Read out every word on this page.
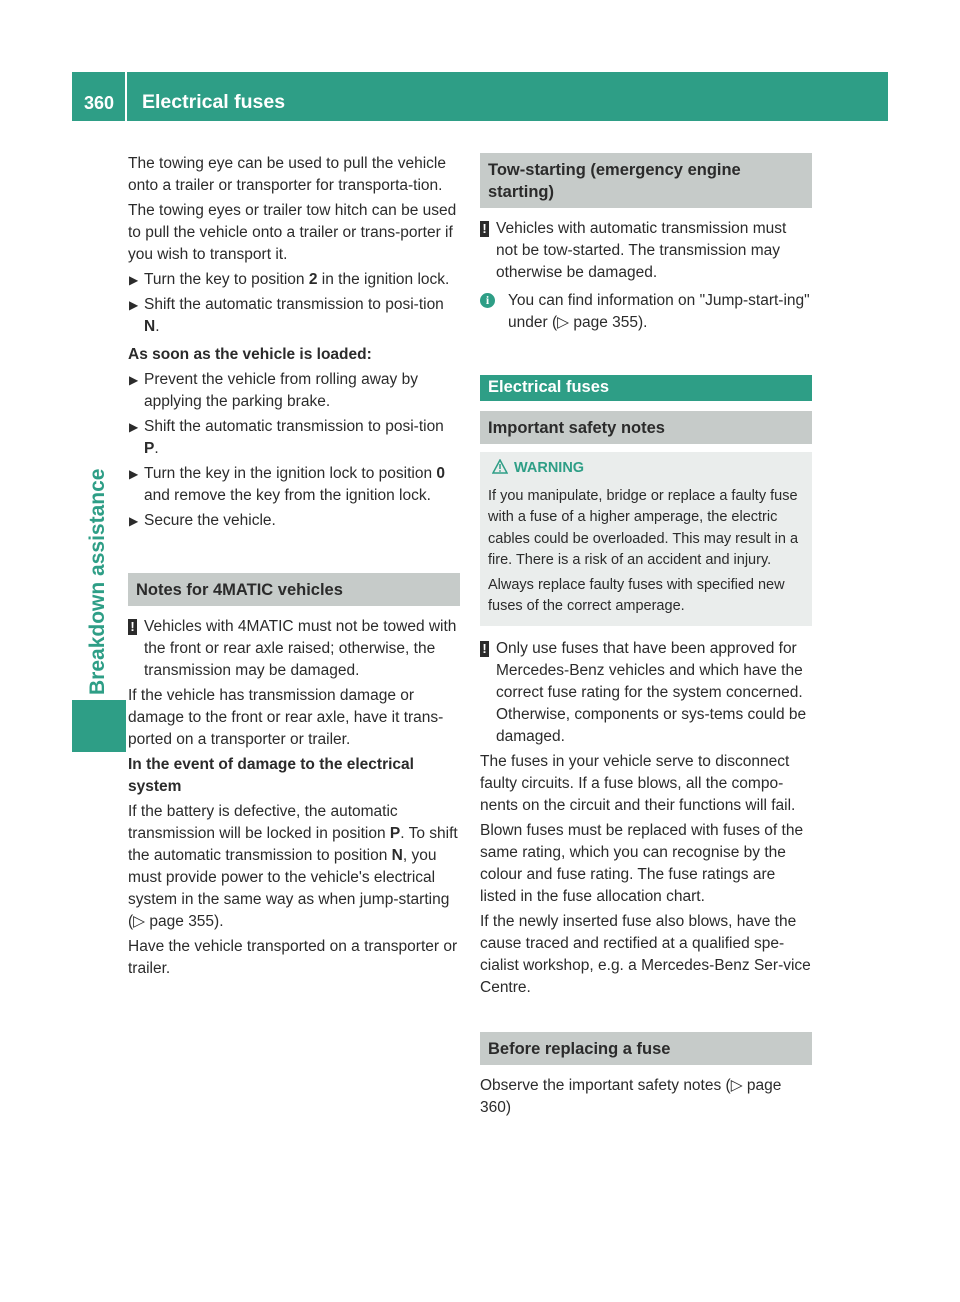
360 Electrical fuses
Breakdown assistance

The towing eye can be used to pull the vehicle onto a trailer or transporter for transporta-tion.

The towing eyes or trailer tow hitch can be used to pull the vehicle onto a trailer or trans-porter if you wish to transport it.

▶ Turn the key to position 2 in the ignition lock.
▶ Shift the automatic transmission to posi-tion N.

As soon as the vehicle is loaded:

▶ Prevent the vehicle from rolling away by applying the parking brake.
▶ Shift the automatic transmission to posi-tion P.
▶ Turn the key in the ignition lock to position 0 and remove the key from the ignition lock.
▶ Secure the vehicle.
Notes for 4MATIC vehicles
! Vehicles with 4MATIC must not be towed with the front or rear axle raised; otherwise, the transmission may be damaged.

If the vehicle has transmission damage or damage to the front or rear axle, have it trans-ported on a transporter or trailer.

In the event of damage to the electrical system

If the battery is defective, the automatic transmission will be locked in position P. To shift the automatic transmission to position N, you must provide power to the vehicle's electrical system in the same way as when jump-starting (▷ page 355).

Have the vehicle transported on a transporter or trailer.

Tow-starting (emergency engine starting)
! Vehicles with automatic transmission must not be tow-started. The transmission may otherwise be damaged.
i	You can find information on "Jump-start-ing" under (▷ page 355).
Electrical fuses
Important safety notes
WARNING

If you manipulate, bridge or replace a faulty fuse with a fuse of a higher amperage, the electric cables could be overloaded. This may result in a fire. There is a risk of an accident and injury.

Always replace faulty fuses with specified new fuses of the correct amperage.

! Only use fuses that have been approved for Mercedes-Benz vehicles and which have the correct fuse rating for the system concerned. Otherwise, components or sys-tems could be damaged.

The fuses in your vehicle serve to disconnect faulty circuits. If a fuse blows, all the compo-nents on the circuit and their functions will fail.

Blown fuses must be replaced with fuses of the same rating, which you can recognise by the colour and fuse rating. The fuse ratings are listed in the fuse allocation chart.

If the newly inserted fuse also blows, have the cause traced and rectified at a qualified spe-cialist workshop, e.g. a Mercedes-Benz Ser-vice Centre.

Before replacing a fuse

Observe the important safety notes (▷ page 360)
